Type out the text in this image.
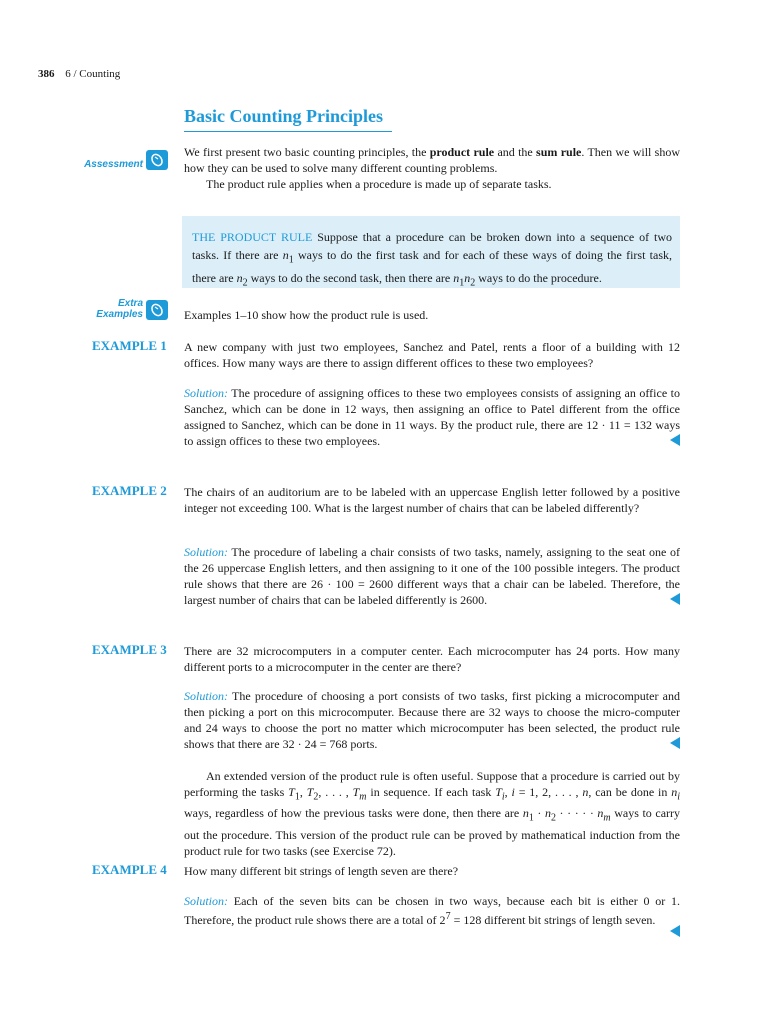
386 6 / Counting
Basic Counting Principles
Assessment
We first present two basic counting principles, the product rule and the sum rule. Then we will show how they can be used to solve many different counting problems.
The product rule applies when a procedure is made up of separate tasks.
THE PRODUCT RULE Suppose that a procedure can be broken down into a sequence of two tasks. If there are $n_1$ ways to do the first task and for each of these ways of doing the first task, there are $n_2$ ways to do the second task, then there are $n_1n_2$ ways to do the procedure.
Extra
Examples	Examples 1–10 show how the product rule is used.
EXAMPLE 1 A new company with just two employees, Sanchez and Patel, rents a floor of a building with 12 offices. How many ways are there to assign different offices to these two employees?
Solution: The procedure of assigning offices to these two employees consists of assigning an office to Sanchez, which can be done in 12 ways, then assigning an office to Patel different from the office assigned to Sanchez, which can be done in 11 ways. By the product rule, there are 12 · 11 = 132 ways to assign offices to these two employees.
EXAMPLE 2 The chairs of an auditorium are to be labeled with an uppercase English letter followed by a positive integer not exceeding 100. What is the largest number of chairs that can be labeled differently?
Solution: The procedure of labeling a chair consists of two tasks, namely, assigning to the seat one of the 26 uppercase English letters, and then assigning to it one of the 100 possible integers. The product rule shows that there are 26 · 100 = 2600 different ways that a chair can be labeled. Therefore, the largest number of chairs that can be labeled differently is 2600.
EXAMPLE 3 There are 32 microcomputers in a computer center. Each microcomputer has 24 ports. How many different ports to a microcomputer in the center are there?
Solution: The procedure of choosing a port consists of two tasks, first picking a microcomputer and then picking a port on this microcomputer. Because there are 32 ways to choose the micro-computer and 24 ways to choose the port no matter which microcomputer has been selected, the product rule shows that there are 32 · 24 = 768 ports.
An extended version of the product rule is often useful. Suppose that a procedure is carried out by performing the tasks $T_1$, $T_2$, . . . , $T_m$ in sequence. If each task $T_i$, i = 1, 2, . . . , n, can be done in $n_i$ ways, regardless of how the previous tasks were done, then there are $n_1 \cdot n_2$ · · · · · $n_m$ ways to carry out the procedure. This version of the product rule can be proved by mathematical induction from the product rule for two tasks (see Exercise 72).
EXAMPLE 4 How many different bit strings of length seven are there?
Solution: Each of the seven bits can be chosen in two ways, because each bit is either 0 or 1. Therefore, the product rule shows there are a total of $2^7 = 128$ different bit strings of length seven.
